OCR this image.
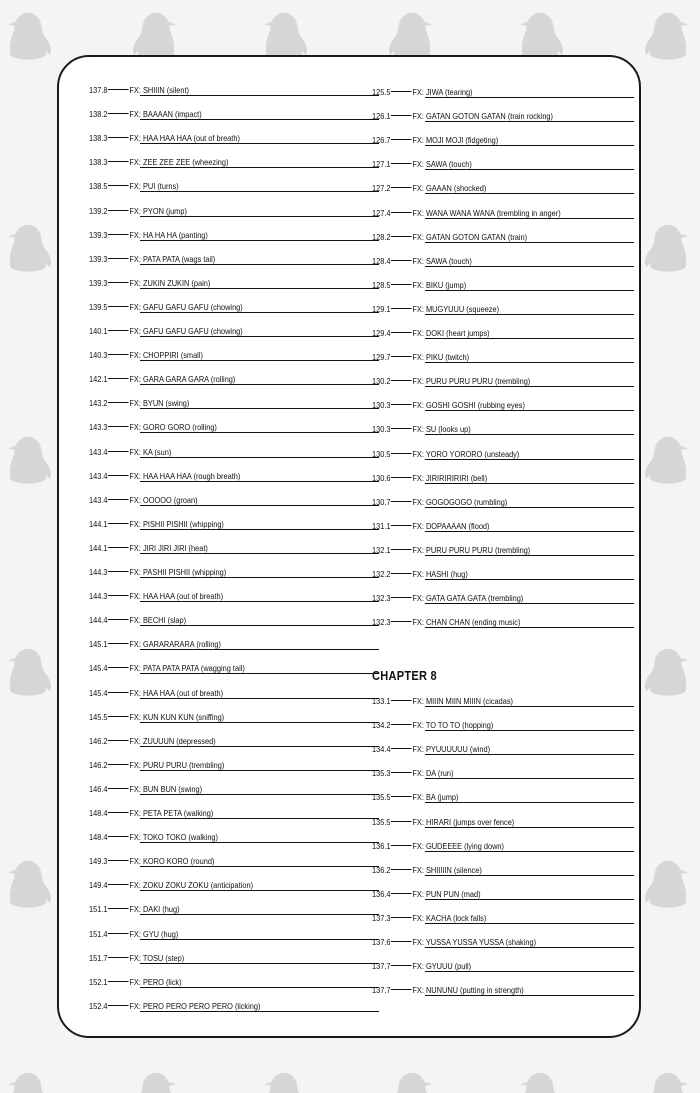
137.8	FX: SHIIIN (silent)
138.2	FX: BAAAAN (impact)
138.3	FX: HAA HAA HAA (out of breath)
138.3	FX: ZEE ZEE ZEE (wheezing)
138.5	FX: PUI (turns)
139.2	FX: PYON (jump)
139.3	FX: HA HA HA (panting)
139.3	FX: PATA PATA (wags tail)
139.3	FX: ZUKIN ZUKIN (pain)
139.5	FX: GAFU GAFU GAFU (chowing)
140.1	FX: GAFU GAFU GAFU (chowing)
140.3	FX: CHOPPIRI (small)
142.1	FX: GARA GARA GARA (rolling)
143.2	FX: BYUN (swing)
143.3	FX: GORO GORO (rolling)
143.4	FX: KA (sun)
143.4	FX: HAA HAA HAA (rough breath)
143.4	FX: OOOOO (groan)
144.1	FX: PISHII PISHII (whipping)
144.1	FX: JIRI JIRI JIRI (heat)
144.3	FX: PASHII PISHII (whipping)
144.3	FX: HAA HAA (out of breath)
144.4	FX: BECHI (slap)
145.1	FX: GARARARARA (rolling)
145.4	FX: PATA PATA PATA (wagging tail)
145.4	FX: HAA HAA (out of breath)
145.5	FX: KUN KUN KUN (sniffing)
146.2	FX: ZUUUUN (depressed)
146.2	FX: PURU PURU (trembling)
146.4	FX: BUN BUN (swing)
148.4	FX: PETA PETA (walking)
148.4	FX: TOKO TOKO (walking)
149.3	FX: KORO KORO (round)
149.4	FX: ZOKU ZOKU ZOKU (anticipation)
151.1	FX: DAKI (hug)
151.4	FX: GYU (hug)
151.7	FX: TOSU (step)
152.1	FX: PERO (lick)
152.4	FX: PERO PERO PERO PERO (licking)
CHAPTER 8
125.5	FX: JIWA (tearing)
126.1	FX: GATAN GOTON GATAN (train rocking)
126.7	FX: MOJI MOJI (fidgeting)
127.1	FX: SAWA (touch)
127.2	FX: GAAAN (shocked)
127.4	FX: WANA WANA WANA (trembling in anger)
128.2	FX: GATAN GOTON GATAN (train)
128.4	FX: SAWA (touch)
128.5	FX: BIKU (jump)
129.1	FX: MUGYUUU (squeeze)
129.4	FX: DOKI (heart jumps)
129.7	FX: PIKU (twitch)
130.2	FX: PURU PURU PURU (trembling)
130.3	FX: GOSHI GOSHI (rubbing eyes)
130.3	FX: SU (looks up)
130.5	FX: YORO YORORO (unsteady)
130.6	FX: JIRIRIRIRIRI (bell)
130.7	FX: GOGOGOGO (rumbling)
131.1	FX: DOPAAAAN (flood)
132.1	FX: PURU PURU PURU (trembling)
132.2	FX: HASHI (hug)
132.3	FX: GATA GATA GATA (trembling)
132.3	FX: CHAN CHAN (ending music)
133.1	FX: MIIIN MIIN MIIIN (cicadas)
134.2	FX: TO TO TO (hopping)
134.4	FX: PYUUUUUU (wind)
135.3	FX: DA (run)
135.5	FX: BA (jump)
135.5	FX: HIRARI (jumps over fence)
136.1	FX: GUDEEEE (lying down)
136.2	FX: SHIIIIIN (silence)
136.4	FX: PUN PUN (mad)
137.3	FX: KACHA (lock falls)
137.6	FX: YUSSA YUSSA YUSSA (shaking)
137.7	FX: GYUUU (pull)
137.7	FX: NUNUNU (putting in strength)
